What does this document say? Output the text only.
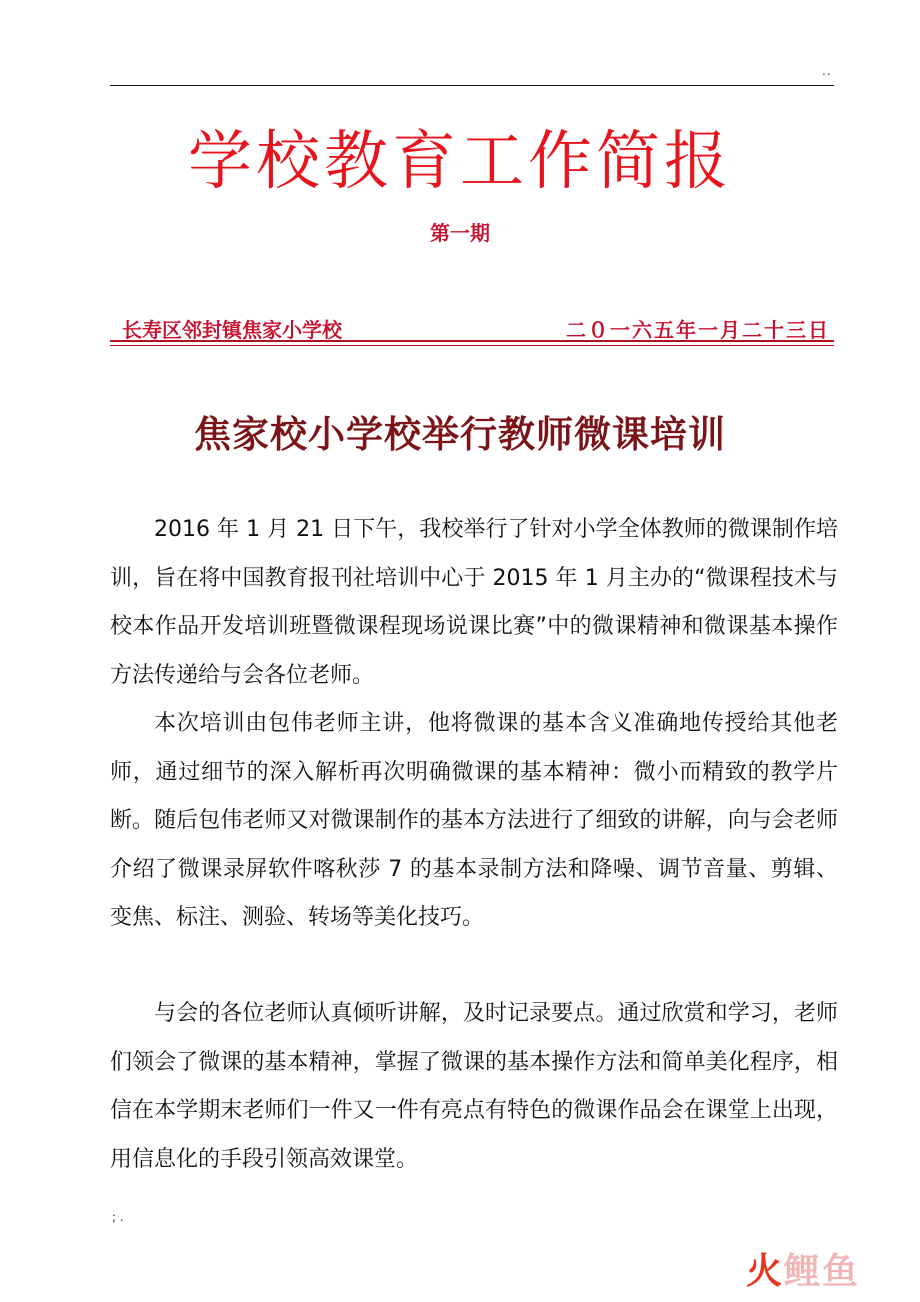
..
学校教育工作简报
第一期
长寿区邻封镇焦家小学校	二０一六五年一月二十三日
焦家校小学校举行教师微课培训

2016 年 1 月 21 日下午，我校举行了针对小学全体教师的微课制作培训，旨在将中国教育报刊社培训中心于 2015 年 1 月主办的“微课程技术与校本作品开发培训班暨微课程现场说课比赛”中的微课精神和微课基本操作方法传递给与会各位老师。

本次培训由包伟老师主讲，他将微课的基本含义准确地传授给其他老师，通过细节的深入解析再次明确微课的基本精神：微小而精致的教学片断。随后包伟老师又对微课制作的基本方法进行了细致的讲解，向与会老师介绍了微课录屏软件喀秋莎 7 的基本录制方法和降噪、调节音量、剪辑、变焦、标注、测验、转场等美化技巧。

与会的各位老师认真倾听讲解，及时记录要点。通过欣赏和学习，老师们领会了微课的基本精神，掌握了微课的基本操作方法和简单美化程序，相信在本学期末老师们一件又一件有亮点有特色的微课作品会在课堂上出现，用信息化的手段引领高效课堂。

; .
火鲤鱼
